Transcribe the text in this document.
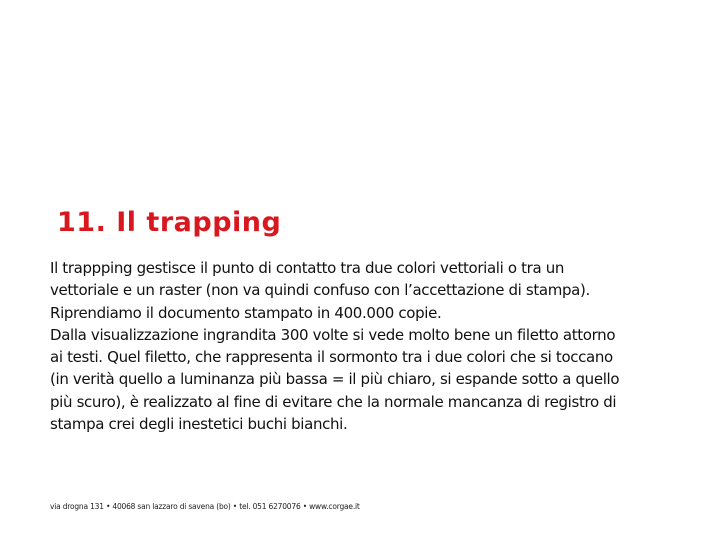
11. Il trapping
Il trappping gestisce il punto di contatto tra due colori vettoriali o tra un
vettoriale e un raster (non va quindi confuso con l’accettazione di stampa).
Riprendiamo il documento stampato in 400.000 copie.
Dalla visualizzazione ingrandita 300 volte si vede molto bene un filetto attorno
ai testi. Quel filetto, che rappresenta il sormonto tra i due colori che si toccano
(in verità quello a luminanza più bassa = il più chiaro, si espande sotto a quello
più scuro), è realizzato al fine di evitare che la normale mancanza di registro di
stampa crei degli inestetici buchi bianchi.
via drogna 131 • 40068 san lazzaro di savena (bo) • tel. 051 6270076 • www.corgae.it
